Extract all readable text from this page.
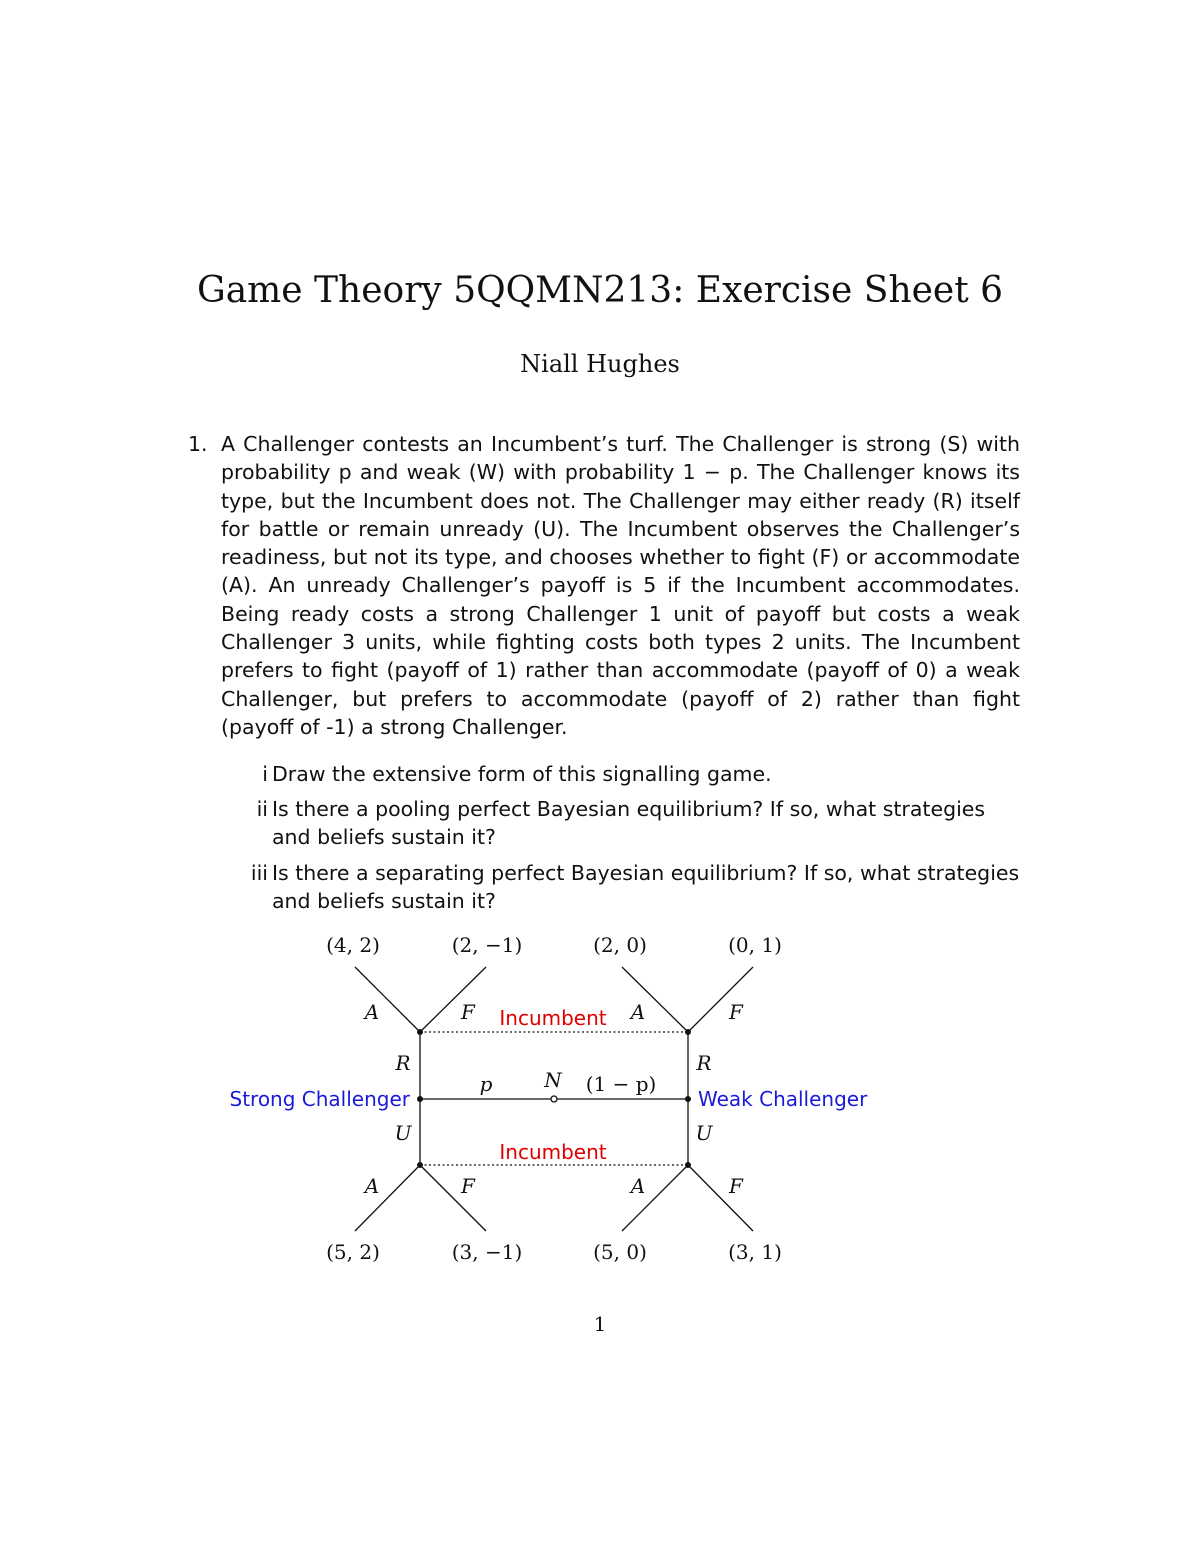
Game Theory 5QQMN213: Exercise Sheet 6
Niall Hughes
1. A Challenger contests an Incumbent’s turf. The Challenger is strong (S) with probability p and weak (W) with probability 1 − p. The Challenger knows its type, but the Incumbent does not. The Challenger may either ready (R) itself for battle or remain unready (U). The Incumbent observes the Challenger’s readiness, but not its type, and chooses whether to fight (F) or accommodate (A). An unready Challenger’s payoff is 5 if the Incumbent accommodates. Being ready costs a strong Challenger 1 unit of payoff but costs a weak Challenger 3 units, while fighting costs both types 2 units. The Incumbent prefers to fight (payoff of 1) rather than accommodate (payoff of 0) a weak Challenger, but prefers to accommodate (payoff of 2) rather than fight (payoff of -1) a strong Challenger.
i Draw the extensive form of this signalling game.
ii Is there a pooling perfect Bayesian equilibrium? If so, what strategies and beliefs sustain it?
iii Is there a separating perfect Bayesian equilibrium? If so, what strategies and beliefs sustain it?
(4, 2)	(2, −1)	(2, 0)	(0, 1)
(5, 2)	(3, −1)	(5, 0)	(3, 1)
A	F	A	F
A	F	A	F
R	R
U	U
Incumbent
Incumbent
Strong Challenger	Weak Challenger
N
p	(1 − p)
1
